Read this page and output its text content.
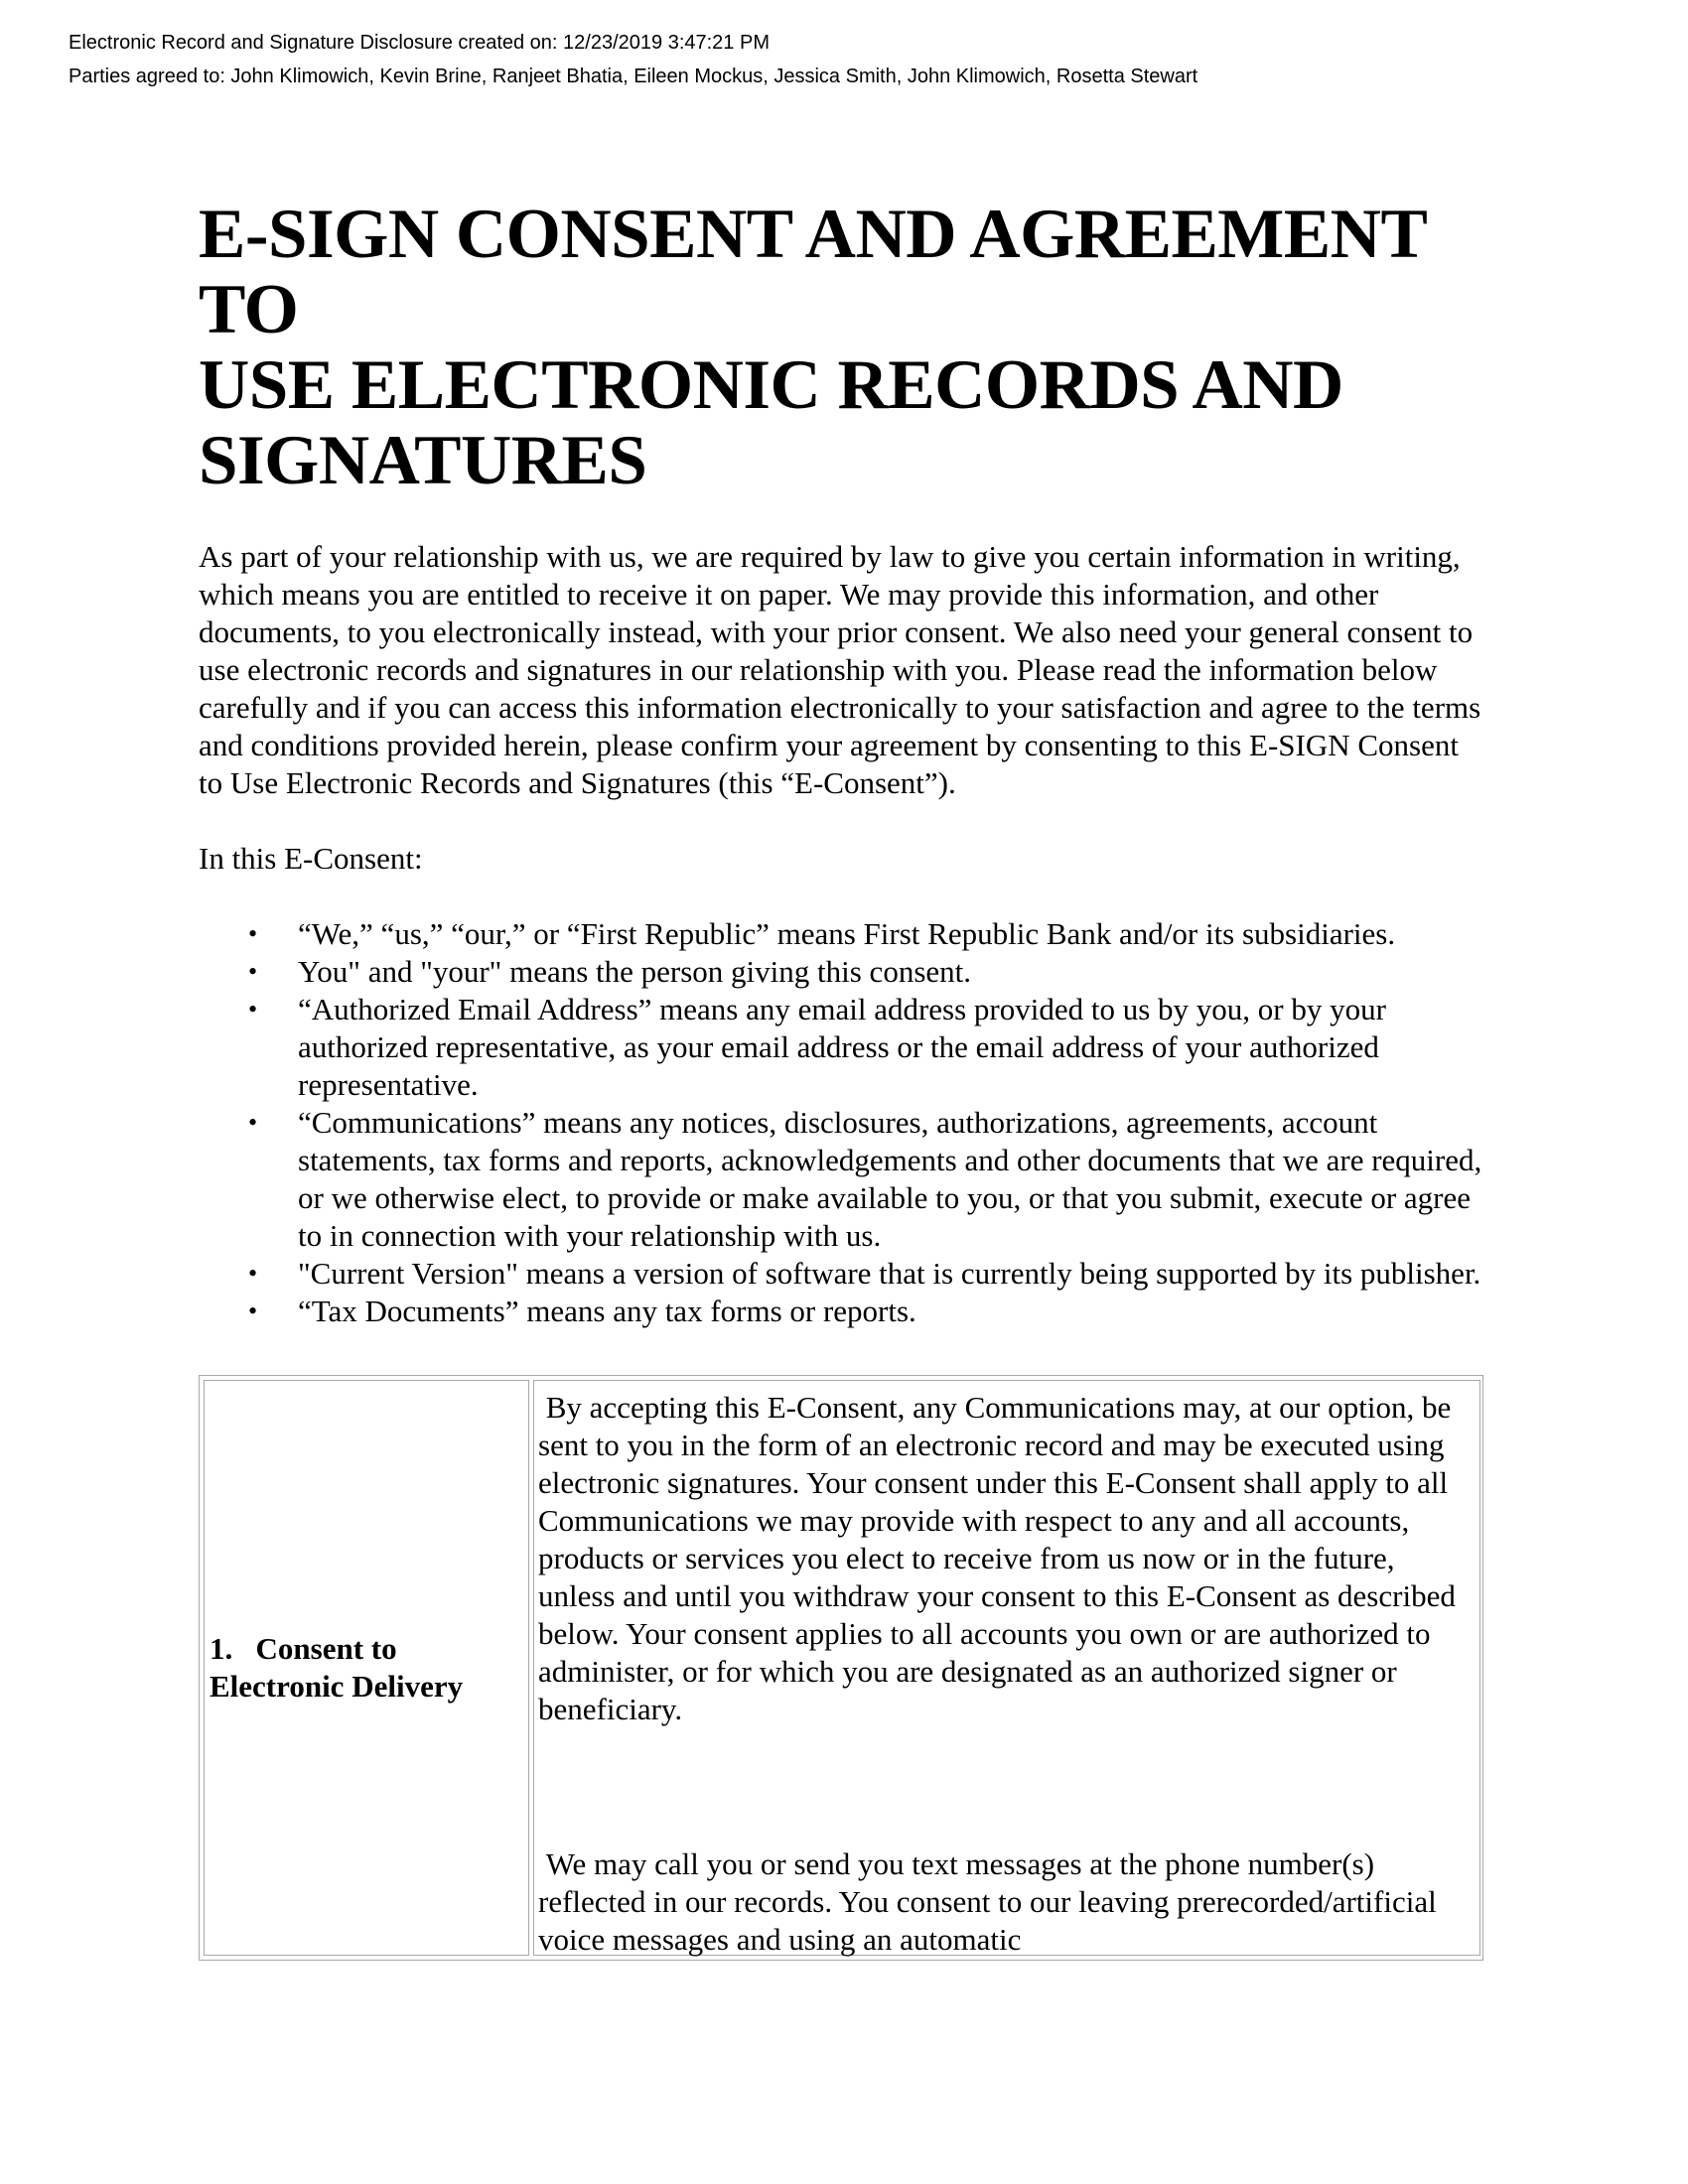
Electronic Record and Signature Disclosure created on: 12/23/2019 3:47:21 PM
Parties agreed to: John Klimowich, Kevin Brine, Ranjeet Bhatia, Eileen Mockus, Jessica Smith, John Klimowich, Rosetta Stewart
E-SIGN CONSENT AND AGREEMENT TO
USE ELECTRONIC RECORDS AND
SIGNATURES

As part of your relationship with us, we are required by law to give you certain information in writing, which means you are entitled to receive it on paper. We may provide this information, and other documents, to you electronically instead, with your prior consent. We also need your general consent to use electronic records and signatures in our relationship with you. Please read the information below carefully and if you can access this information electronically to your satisfaction and agree to the terms and conditions provided herein, please confirm your agreement by consenting to this E-SIGN Consent to Use Electronic Records and Signatures (this “E-Consent”).

In this E-Consent:

• “We,” “us,” “our,” or “First Republic” means First Republic Bank and/or its subsidiaries.
• You" and "your" means the person giving this consent.
• “Authorized Email Address” means any email address provided to us by you, or by your authorized representative, as your email address or the email address of your authorized representative.
• “Communications” means any notices, disclosures, authorizations, agreements, account statements, tax forms and reports, acknowledgements and other documents that we are required, or we otherwise elect, to provide or make available to you, or that you submit, execute or agree to in connection with your relationship with us.
• "Current Version" means a version of software that is currently being supported by its publisher.
• “Tax Documents” means any tax forms or reports.
1. Consent to
Electronic Delivery

By accepting this E-Consent, any Communications may, at our option, be sent to you in the form of an electronic record and may be executed using electronic signatures. Your consent under this E-Consent shall apply to all Communications we may provide with respect to any and all accounts, products or services you elect to receive from us now or in the future, unless and until you withdraw your consent to this E-Consent as described below. Your consent applies to all accounts you own or are authorized to administer, or for which you are designated as an authorized signer or beneficiary.

We may call you or send you text messages at the phone number(s) reflected in our records. You consent to our leaving prerecorded/artificial voice messages and using an automatic
